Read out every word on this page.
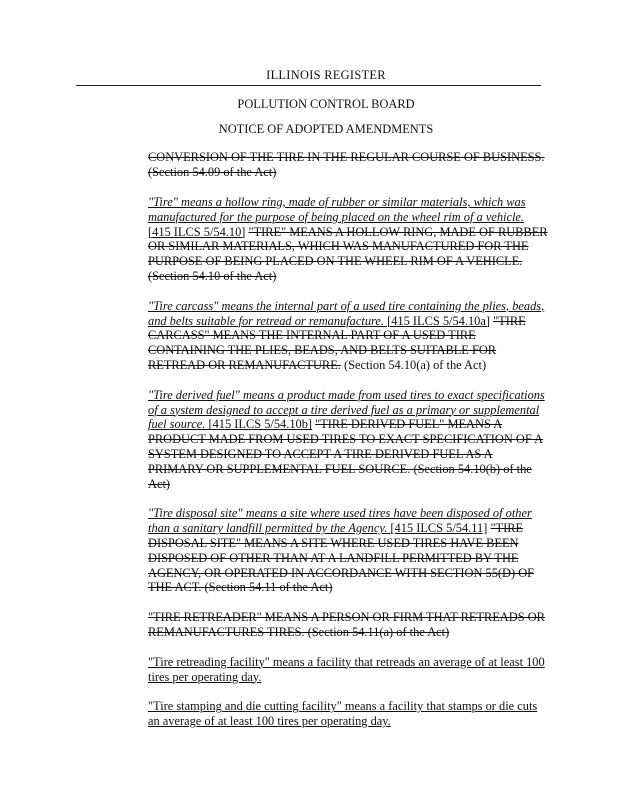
ILLINOIS REGISTER
POLLUTION CONTROL BOARD
NOTICE OF ADOPTED AMENDMENTS

CONVERSION OF THE TIRE IN THE REGULAR COURSE OF BUSINESS. (Section 54.09 of the Act)

"Tire" means a hollow ring, made of rubber or similar materials, which was manufactured for the purpose of being placed on the wheel rim of a vehicle. [415 ILCS 5/54.10] "TIRE" MEANS A HOLLOW RING, MADE OF RUBBER OR SIMILAR MATERIALS, WHICH WAS MANUFACTURED FOR THE PURPOSE OF BEING PLACED ON THE WHEEL RIM OF A VEHICLE. (Section 54.10 of the Act)

"Tire carcass" means the internal part of a used tire containing the plies, beads, and belts suitable for retread or remanufacture. [415 ILCS 5/54.10a] "TIRE CARCASS" MEANS THE INTERNAL PART OF A USED TIRE CONTAINING THE PLIES, BEADS, AND BELTS SUITABLE FOR RETREAD OR REMANUFACTURE. (Section 54.10(a) of the Act)

"Tire derived fuel" means a product made from used tires to exact specifications of a system designed to accept a tire derived fuel as a primary or supplemental fuel source. [415 ILCS 5/54.10b] "TIRE DERIVED FUEL" MEANS A PRODUCT MADE FROM USED TIRES TO EXACT SPECIFICATION OF A SYSTEM DESIGNED TO ACCEPT A TIRE DERIVED FUEL AS A PRIMARY OR SUPPLEMENTAL FUEL SOURCE. (Section 54.10(b) of the Act)

"Tire disposal site" means a site where used tires have been disposed of other than a sanitary landfill permitted by the Agency. [415 ILCS 5/54.11] "TIRE DISPOSAL SITE" MEANS A SITE WHERE USED TIRES HAVE BEEN DISPOSED OF OTHER THAN AT A LANDFILL PERMITTED BY THE AGENCY, OR OPERATED IN ACCORDANCE WITH SECTION 55(D) OF THE ACT. (Section 54.11 of the Act)

"TIRE RETREADER" MEANS A PERSON OR FIRM THAT RETREADS OR REMANUFACTURES TIRES. (Section 54.11(a) of the Act)

"Tire retreading facility" means a facility that retreads an average of at least 100 tires per operating day.

"Tire stamping and die cutting facility" means a facility that stamps or die cuts an average of at least 100 tires per operating day.
